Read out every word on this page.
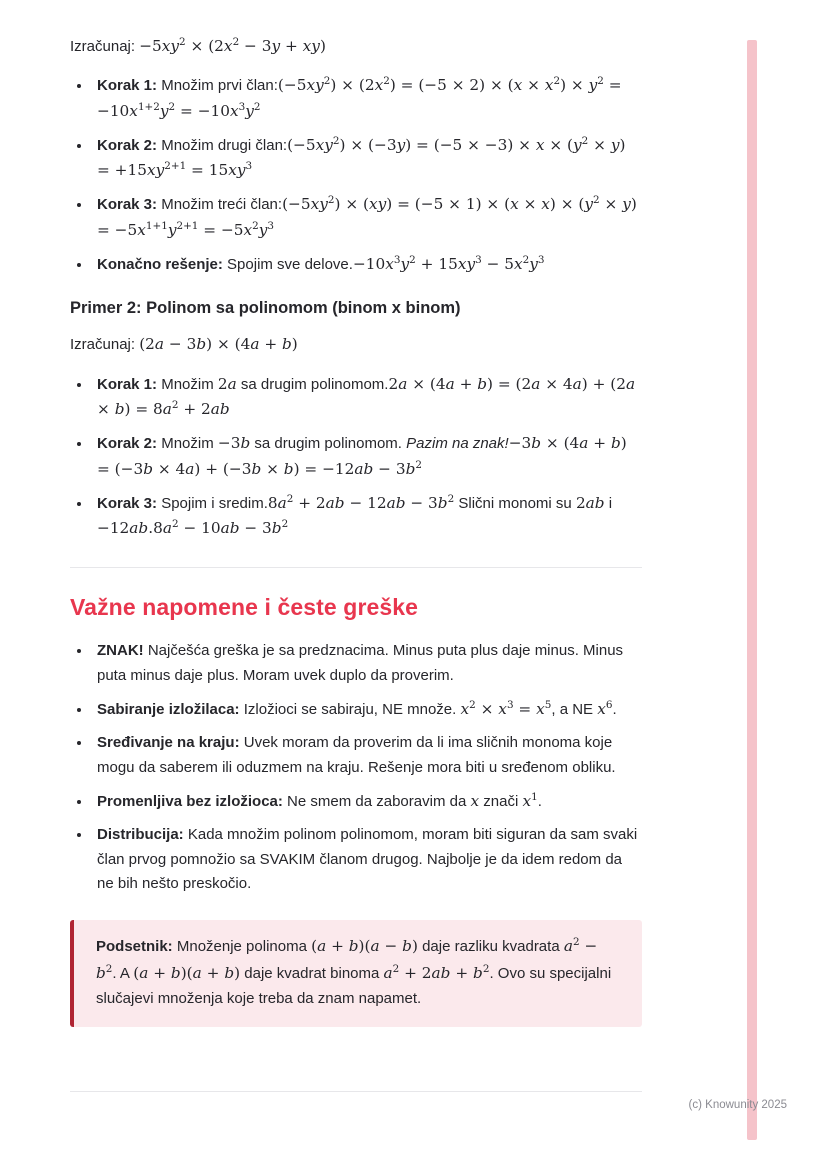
Izračunaj: $-5xy^2 \times (2x^2 - 3y + xy)$

• Korak 1: Množim prvi $član:(-5xy^2) \times (2x^2) = (-5 \times 2) \times (x \times x^2) \times y^2 = -10x^{1+2}y^2 = -10x^3y^2$
• Korak 2: Množim drugi $član:(-5xy^2) \times (-3y) = (-5 \times -3) \times x \times (y^2 \times y) = +15xy^{2+1} = 15xy^3$
• Korak 3: Množim treći $član:(-5xy^2) \times (xy) = (-5 \times 1) \times (x \times x) \times (y^2 \times y) = -5x^{1+1}y^{2+1} = -5x^2y^3$
• Konačno rešenje: Spojim sve $delove.-10x^3y^2 + 15xy^3 - 5x^2y^3$
Primer 2: Polinom sa polinomom (binom x binom)

Izračunaj: (2a − 3b) × (4a + b)

• Korak 1: Množim 2a sa drugim polinomom.2a × $(4a + b) = (2a \times 4a) + (2a \times b) = 8a^2 + 2ab$
• Korak 2: Množim −3b sa drugim polinomom. Pazim na znak!−3b × $(4a + b) = (-3b \times 4a) + (-3b \times b) = -12ab - 3b^2$
• Korak 3: Spojim i $sredim.8a^2 + 2ab - 12ab - 3b^2$ Slični monomi su 2ab $i -12ab.8a^2 - 10ab - 3b^2$
Važne napomene i česte greške
• ZNAK! Najčešća greška je sa predznacima. Minus puta plus daje minus. Minus puta minus daje plus. Moram uvek duplo da proverim.
• Sabiranje izložilaca: Izložioci se sabiraju, NE množe. $x^2 \times x^3 = x^5$, a NE $x^6$.
• Sređivanje na kraju: Uvek moram da proverim da li ima sličnih monoma koje mogu da saberem ili oduzmem na kraju. Rešenje mora biti u sređenom obliku.
• Promenljiva bez izložioca: Ne smem da zaboravim da x znači $x^1$.
• Distribucija: Kada množim polinom polinomom, moram biti siguran da sam svaki član prvog pomnožio sa SVAKIM članom drugog. Najbolje je da idem redom da ne bih nešto preskočio.

Podsetnik: Množenje polinoma (a + b)(a − b) daje razliku kvadrata $a^2 - b^2$. A (a + b)(a + b) daje kvadrat binoma $a^2 + 2ab + b^2$. Ovo su specijalni slučajevi množenja koje treba da znam napamet.

(c) Knowunity 2025
